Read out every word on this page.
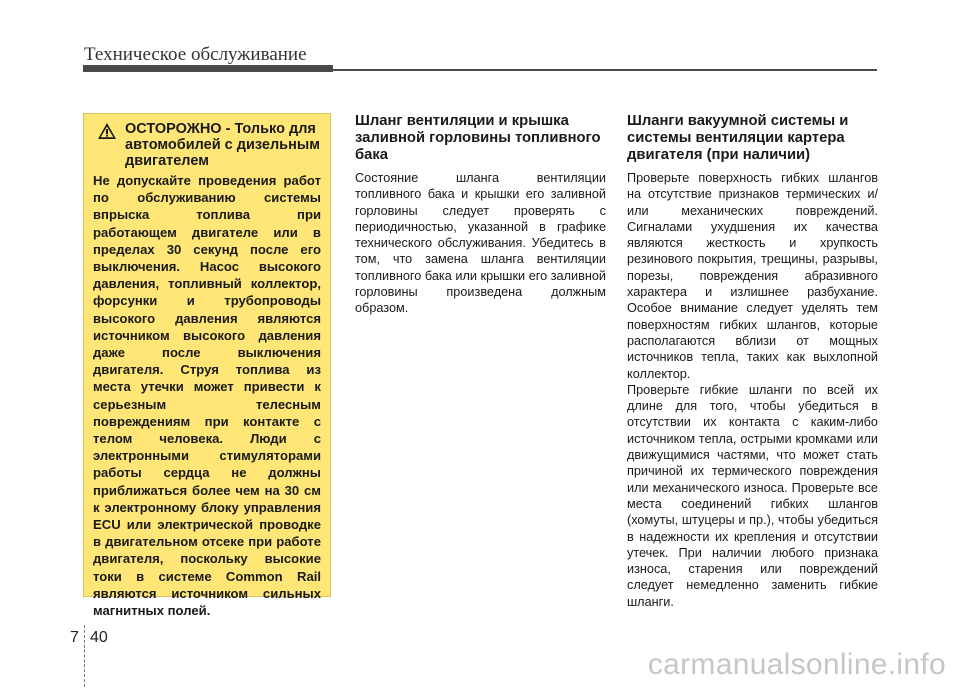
Техническое обслуживание
ОСТОРОЖНО - Только для автомобилей с дизельным двигателем
Не допускайте проведения работ по обслуживанию системы впрыска топлива при работающем двигателе или в пределах 30 секунд после его выключения. Насос высокого давления, топливный коллектор, форсунки и трубопроводы высокого давления являются источником высокого давления даже после выключения двигателя. Струя топлива из места утечки может привести к серьезным телесным повреждениям при контакте с телом человека. Люди с электронными стимуляторами работы сердца не должны приближаться более чем на 30 см к электронному блоку управления ECU или электрической проводке в двигательном отсеке при работе двигателя, поскольку высокие токи в системе Common Rail являются источником сильных магнитных полей.
Шланг вентиляции и крышка заливной горловины топливного бака

Состояние шланга вентиляции топливного бака и крышки его заливной горловины следует проверять с периодичностью, указанной в графике технического обслуживания. Убедитесь в том, что замена шланга вентиляции топливного бака или крышки его заливной горловины произведена должным образом.

Шланги вакуумной системы и системы вентиляции картера двигателя (при наличии)

Проверьте поверхность гибких шлангов на отсутствие признаков термических и/или механических повреждений. Сигналами ухудшения их качества являются жесткость и хрупкость резинового покрытия, трещины, разрывы, порезы, повреждения абразивного характера и излишнее разбухание. Особое внимание следует уделять тем поверхностям гибких шлангов, которые располагаются вблизи от мощных источников тепла, таких как выхлопной коллектор.

Проверьте гибкие шланги по всей их длине для того, чтобы убедиться в отсутствии их контакта с каким-либо источником тепла, острыми кромками или движущимися частями, что может стать причиной их термического повреждения или механического износа. Проверьте все места соединений гибких шлангов (хомуты, штуцеры и пр.), чтобы убедиться в надежности их крепления и отсутствии утечек. При наличии любого признака износа, старения или повреждений следует немедленно заменить гибкие шланги.

7 40
carmanualsonline.info
